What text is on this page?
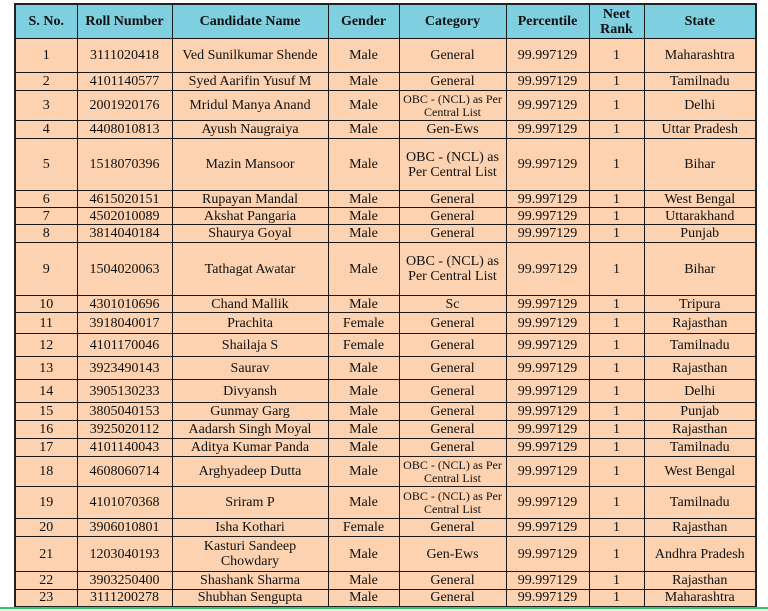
S. No.	Roll Number	Candidate Name	Gender	Category	Percentile	Neet Rank	State
1	3111020418	Ved Sunilkumar Shende	Male	General	99.997129	1	Maharashtra
2	4101140577	Syed Aarifin Yusuf M	Male	General	99.997129	1	Tamilnadu
3	2001920176	Mridul Manya Anand	Male	OBC - (NCL) as Per Central List	99.997129	1	Delhi
4	4408010813	Ayush Naugraiya	Male	Gen-Ews	99.997129	1	Uttar Pradesh
5	1518070396	Mazin Mansoor	Male	OBC - (NCL) as Per Central List	99.997129	1	Bihar
6	4615020151	Rupayan Mandal	Male	General	99.997129	1	West Bengal
7	4502010089	Akshat Pangaria	Male	General	99.997129	1	Uttarakhand
8	3814040184	Shaurya Goyal	Male	General	99.997129	1	Punjab
9	1504020063	Tathagat Awatar	Male	OBC - (NCL) as Per Central List	99.997129	1	Bihar
10	4301010696	Chand Mallik	Male	Sc	99.997129	1	Tripura
11	3918040017	Prachita	Female	General	99.997129	1	Rajasthan
12	4101170046	Shailaja S	Female	General	99.997129	1	Tamilnadu
13	3923490143	Saurav	Male	General	99.997129	1	Rajasthan
14	3905130233	Divyansh	Male	General	99.997129	1	Delhi
15	3805040153	Gunmay Garg	Male	General	99.997129	1	Punjab
16	3925020112	Aadarsh Singh Moyal	Male	General	99.997129	1	Rajasthan
17	4101140043	Aditya Kumar Panda	Male	General	99.997129	1	Tamilnadu
18	4608060714	Arghyadeep Dutta	Male	OBC - (NCL) as Per Central List	99.997129	1	West Bengal
19	4101070368	Sriram P	Male	OBC - (NCL) as Per Central List	99.997129	1	Tamilnadu
20	3906010801	Isha Kothari	Female	General	99.997129	1	Rajasthan
21	1203040193	Kasturi Sandeep Chowdary	Male	Gen-Ews	99.997129	1	Andhra Pradesh
22	3903250400	Shashank Sharma	Male	General	99.997129	1	Rajasthan
23	3111200278	Shubhan Sengupta	Male	General	99.997129	1	Maharashtra
